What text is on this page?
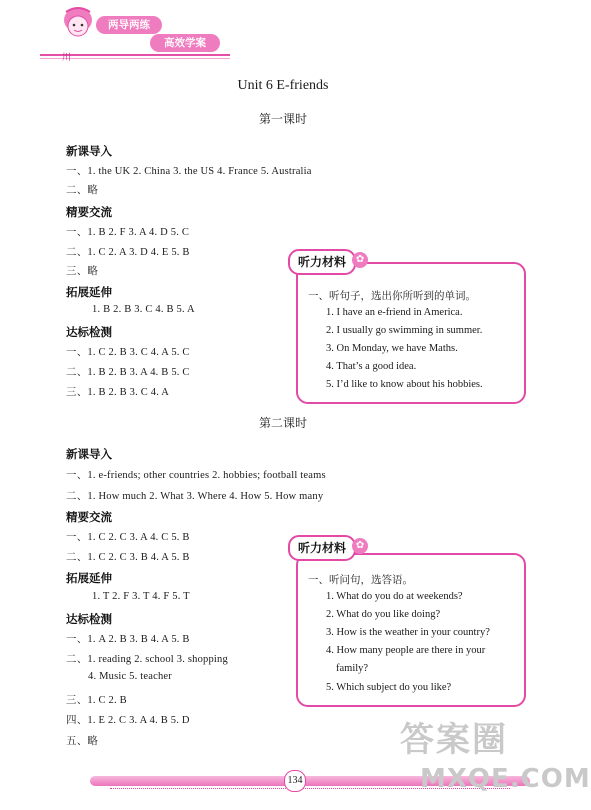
两导两练
高效学案
川
Unit 6 E-friends
第一课时
新课导入
一、1. the UK 2. China 3. the US 4. France 5. Australia
二、略
精要交流
一、1. B 2. F 3. A 4. D 5. C
二、1. C 2. A 3. D 4. E 5. B
三、略
拓展延伸
1. B 2. B 3. C 4. B 5. A
达标检测
一、1. C 2. B 3. C 4. A 5. C
二、1. B 2. B 3. A 4. B 5. C
三、1. B 2. B 3. C 4. A
听力材料 ✿
一、听句子，选出你所听到的单词。
1. I have an e-friend in America.
2. I usually go swimming in summer.
3. On Monday, we have Maths.
4. That’s a good idea.
5. I’d like to know about his hobbies.
第二课时
新课导入
一、1. e-friends; other countries 2. hobbies; football teams
二、1. How much 2. What 3. Where 4. How 5. How many
精要交流
一、1. C 2. C 3. A 4. C 5. B
二、1. C 2. C 3. B 4. A 5. B
拓展延伸
1. T 2. F 3. T 4. F 5. T
达标检测
一、1. A 2. B 3. B 4. A 5. B
二、1. reading 2. school 3. shopping
4. Music 5. teacher
三、1. C 2. B
四、1. E 2. C 3. A 4. B 5. D
五、略
听力材料 ✿
一、听问句，选答语。
1. What do you do at weekends?
2. What do you like doing?
3. How is the weather in your country?
4. How many people are there in your
family?
5. Which subject do you like?
134
答案圈
MXQE.COM
